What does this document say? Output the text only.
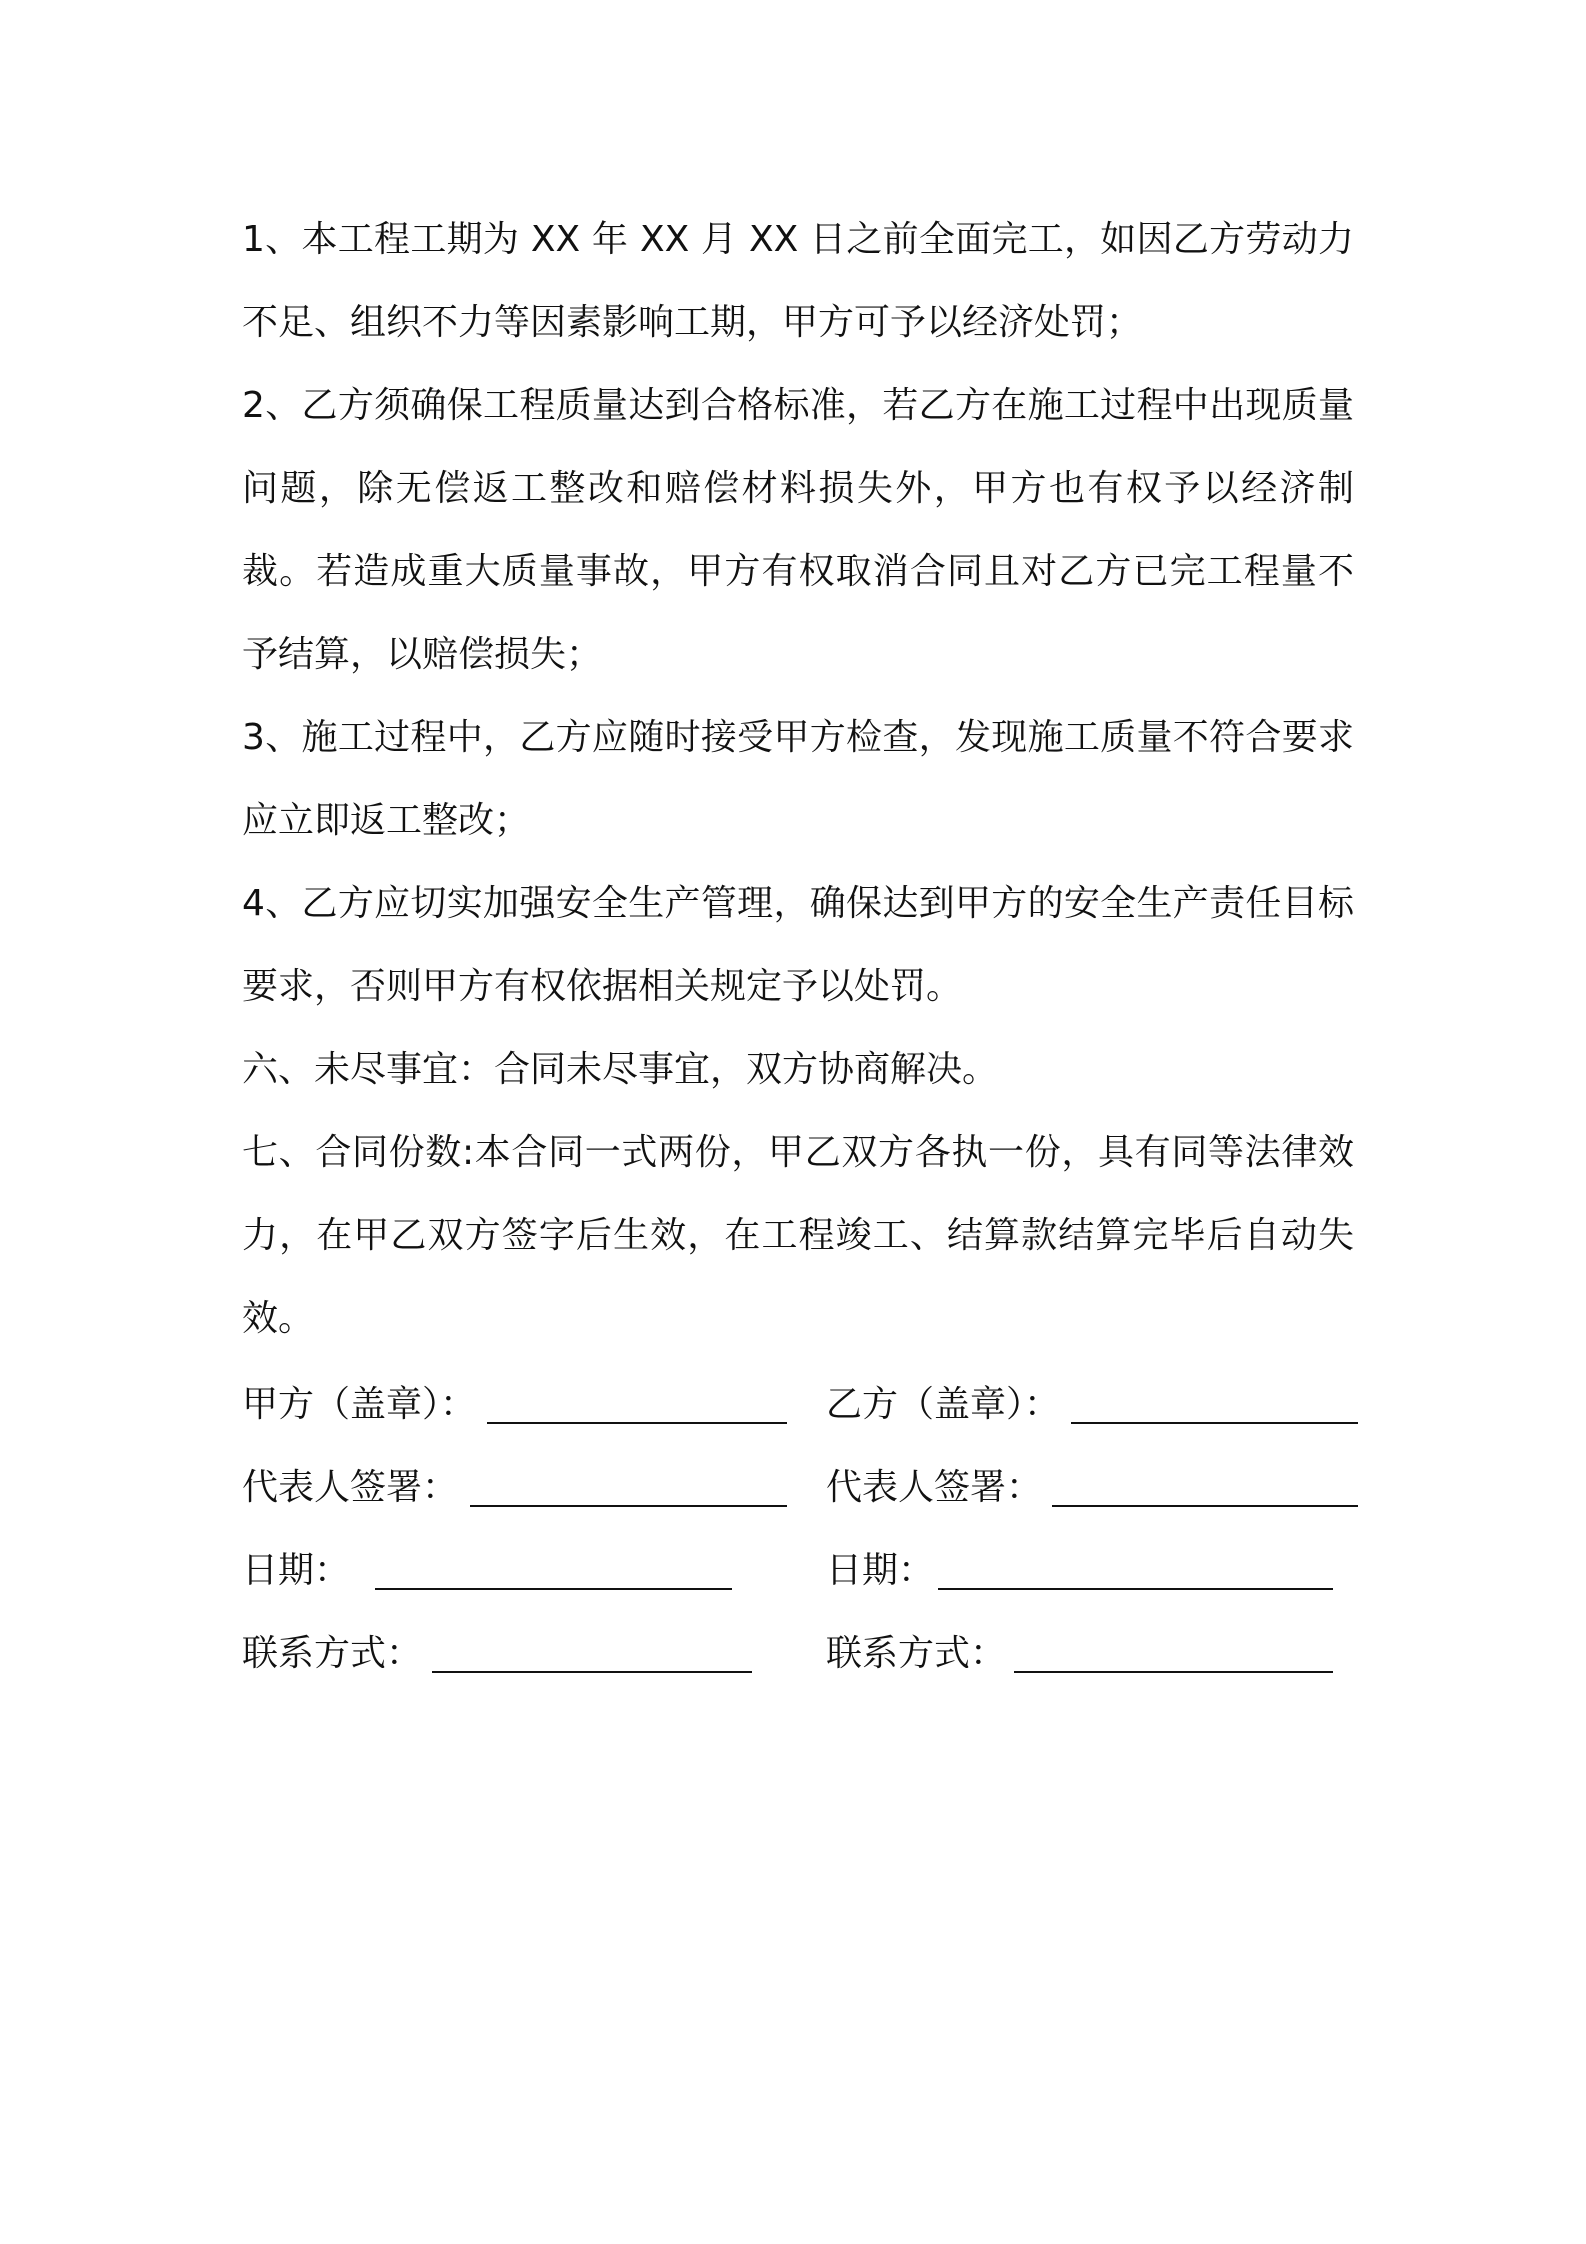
1、本工程工期为 XX 年 XX 月 XX 日之前全面完工，如因乙方劳动力不足、组织不力等因素影响工期，甲方可予以经济处罚；

2、乙方须确保工程质量达到合格标准，若乙方在施工过程中出现质量问题，除无偿返工整改和赔偿材料损失外，甲方也有权予以经济制裁。若造成重大质量事故，甲方有权取消合同且对乙方已完工程量不予结算，以赔偿损失；

3、施工过程中，乙方应随时接受甲方检查，发现施工质量不符合要求应立即返工整改；

4、乙方应切实加强安全生产管理，确保达到甲方的安全生产责任目标要求，否则甲方有权依据相关规定予以处罚。

六、未尽事宜：合同未尽事宜，双方协商解决。

七、合同份数:本合同一式两份，甲乙双方各执一份，具有同等法律效力，在甲乙双方签字后生效，在工程竣工、结算款结算完毕后自动失效。

甲方（盖章）：	乙方（盖章）：
代表人签署：	代表人签署：
日期：	日期：
联系方式：	联系方式：
